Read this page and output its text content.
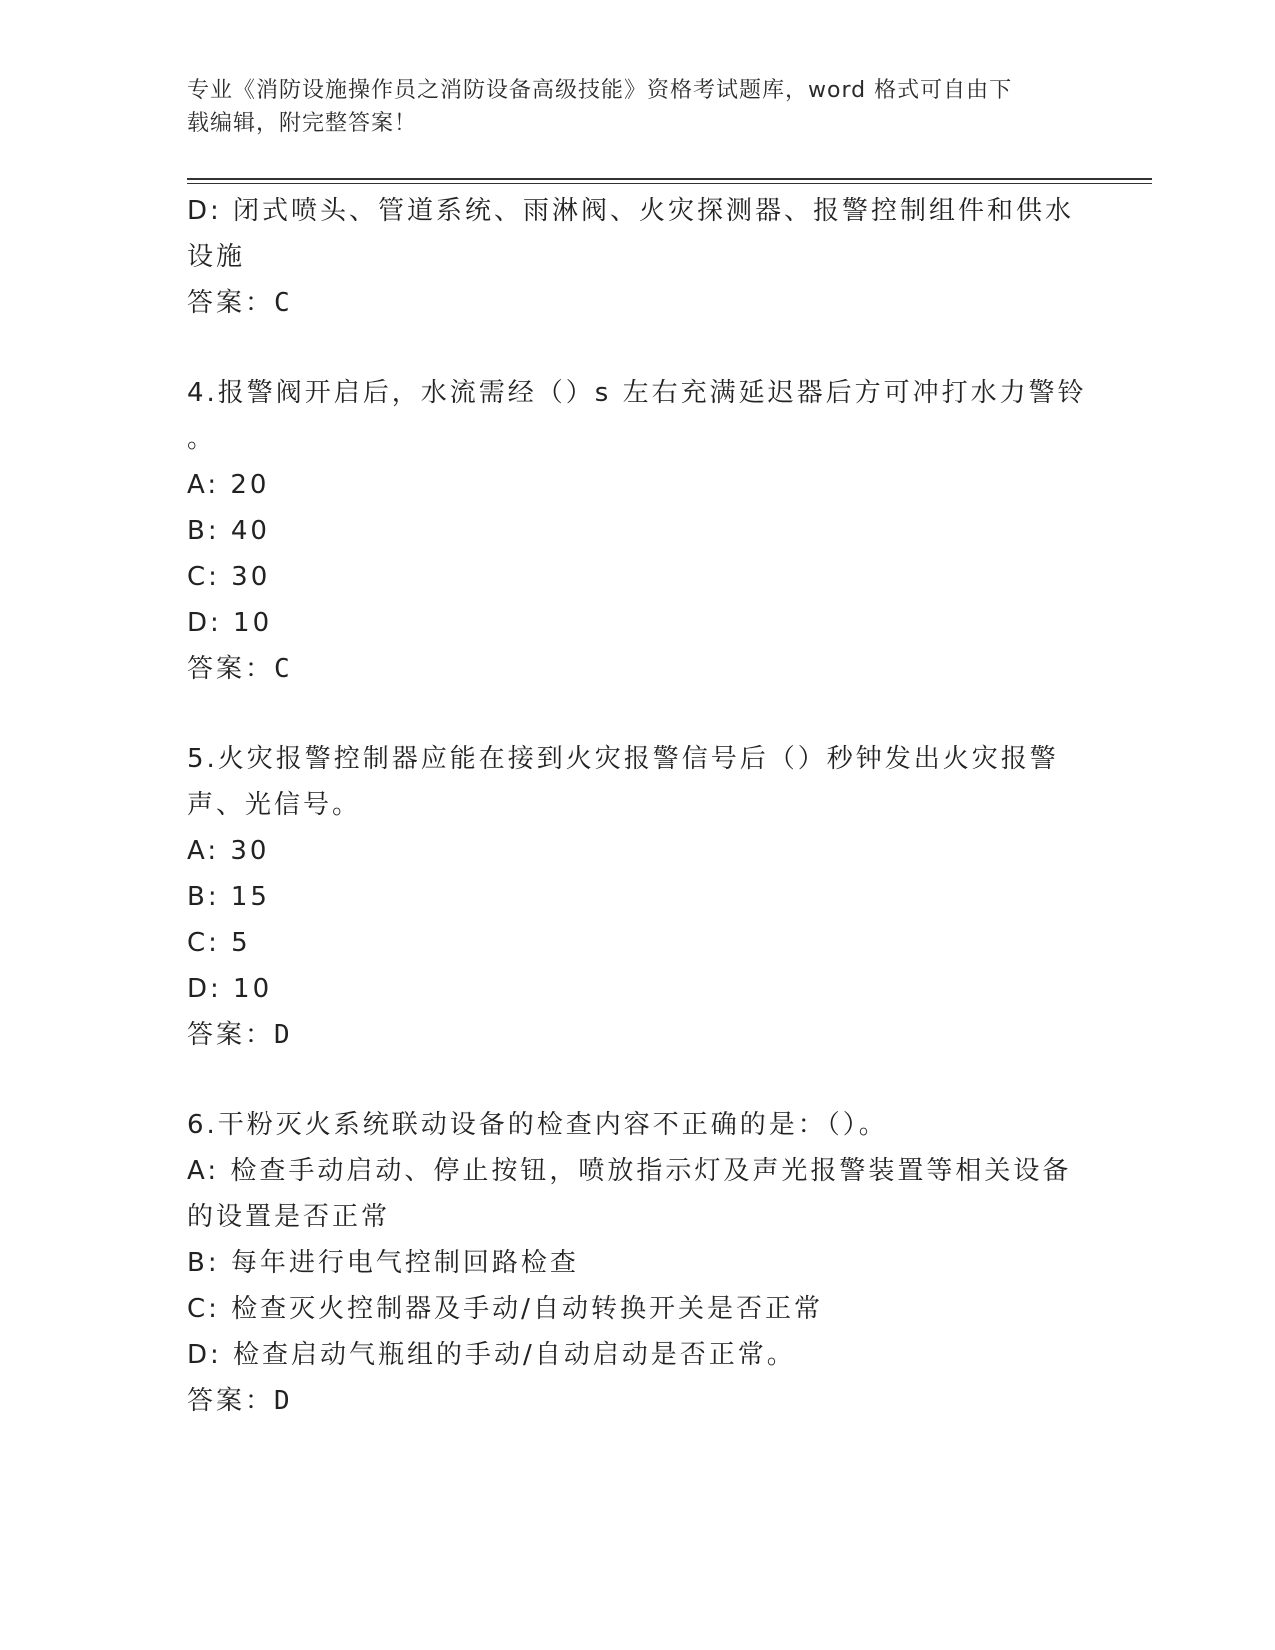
专业《消防设施操作员之消防设备高级技能》资格考试题库，word 格式可自由下
载编辑，附完整答案！

D: 闭式喷头、管道系统、雨淋阀、火灾探测器、报警控制组件和供水

设施

答案：C

4.报警阀开启后，水流需经（）s 左右充满延迟器后方可冲打水力警铃

。

A: 20

B: 40

C: 30

D: 10

答案：C

5.火灾报警控制器应能在接到火灾报警信号后（）秒钟发出火灾报警

声、光信号。

A: 30

B: 15

C: 5

D: 10

答案：D

6.干粉灭火系统联动设备的检查内容不正确的是：（）。

A: 检查手动启动、停止按钮，喷放指示灯及声光报警装置等相关设备

的设置是否正常

B: 每年进行电气控制回路检查

C: 检查灭火控制器及手动/自动转换开关是否正常

D: 检查启动气瓶组的手动/自动启动是否正常。

答案：D
